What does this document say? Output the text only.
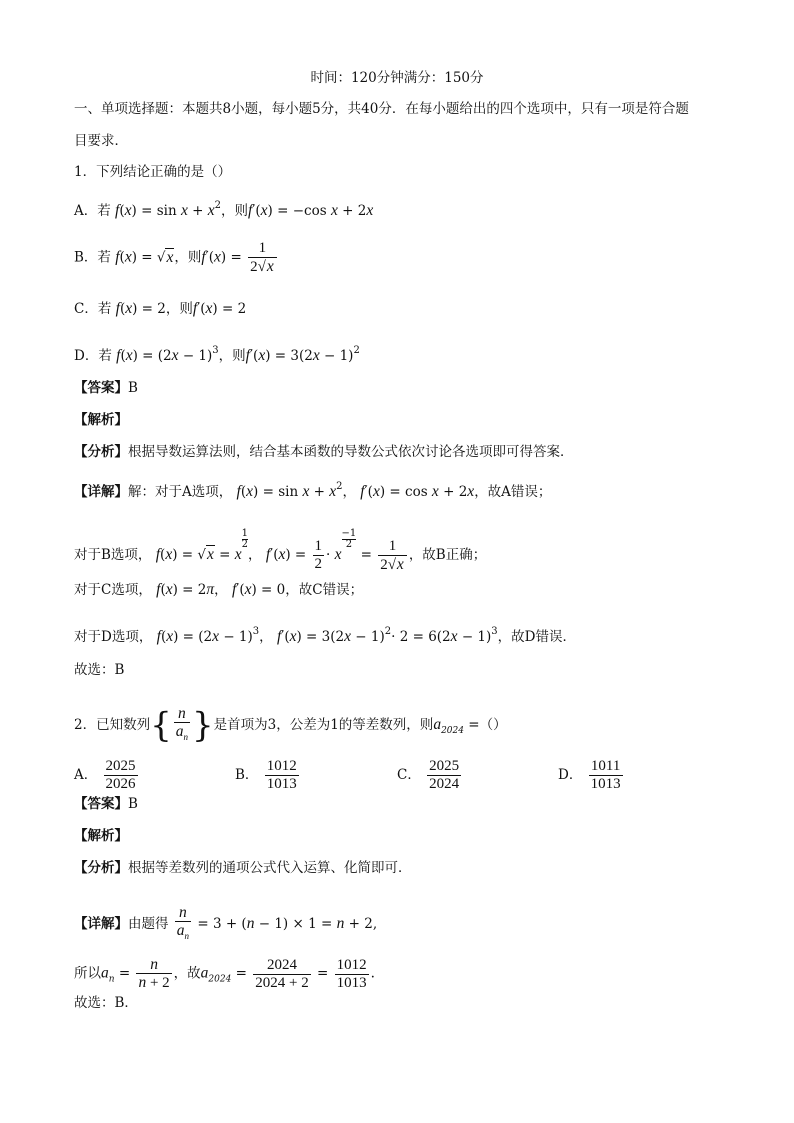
时间：120分钟满分：150分
一、单项选择题：本题共8小题，每小题5分，共40分．在每小题给出的四个选项中，只有一项是符合题
目要求．
1．下列结论正确的是（）
A．若 $f(x) = \sin x + x^2$，则f′(x) = −cos x + 2x
B．若 f(x) = √x，则$f'(x) = \frac{1}{2√x}$
C．若 f(x) = 2，则f′(x) = 2
D．若 $f(x) = (2x - 1)^3$，则$f'(x) = 3(2x - 1)^2$
【答案】B
【解析】
【分析】根据导数运算法则，结合基本函数的导数公式依次讨论各选项即可得答案．
【详解】解：对于A选项， $f(x) = \sin x + x^2$， f′(x) = cos x + 2x，故A错误；
对于B选项， f(x) = √x = x
$\frac{1}{2}$
， $f'(x) = \frac{1}{2} \cdot x$
$\frac{-1}{2}$
= $\frac{1}{2√x}$ ，故B正确；
对于C选项， f(x) = 2π， f′(x) = 0，故C错误；
对于D选项， $f(x) = (2x - 1)^3$， $f'(x) = 3(2x - 1)^2\cdot 2 = 6(2x - 1)^3$，故D错误．
故选：B
2．已知数列{ $\frac{n}{a_n}$ }是首项为3，公差为1的等差数列，则$a_{2024}$ =（）
A． $\frac{2025}{2026}$	B． $\frac{1012}{1013}$	C． $\frac{2025}{2024}$	D． $\frac{1011}{1013}$
【答案】B
【解析】
【分析】根据等差数列的通项公式代入运算、化简即可．
【详解】由题得 $\frac{n}{a_n} = 3 + (n - 1) \times 1 = n + 2$,
所以$a_n = \frac{n}{n + 2}$ ，故$a_{2024} = \frac{2024}{2024 + 2} = \frac{1012}{1013}$ .
故选：B．
